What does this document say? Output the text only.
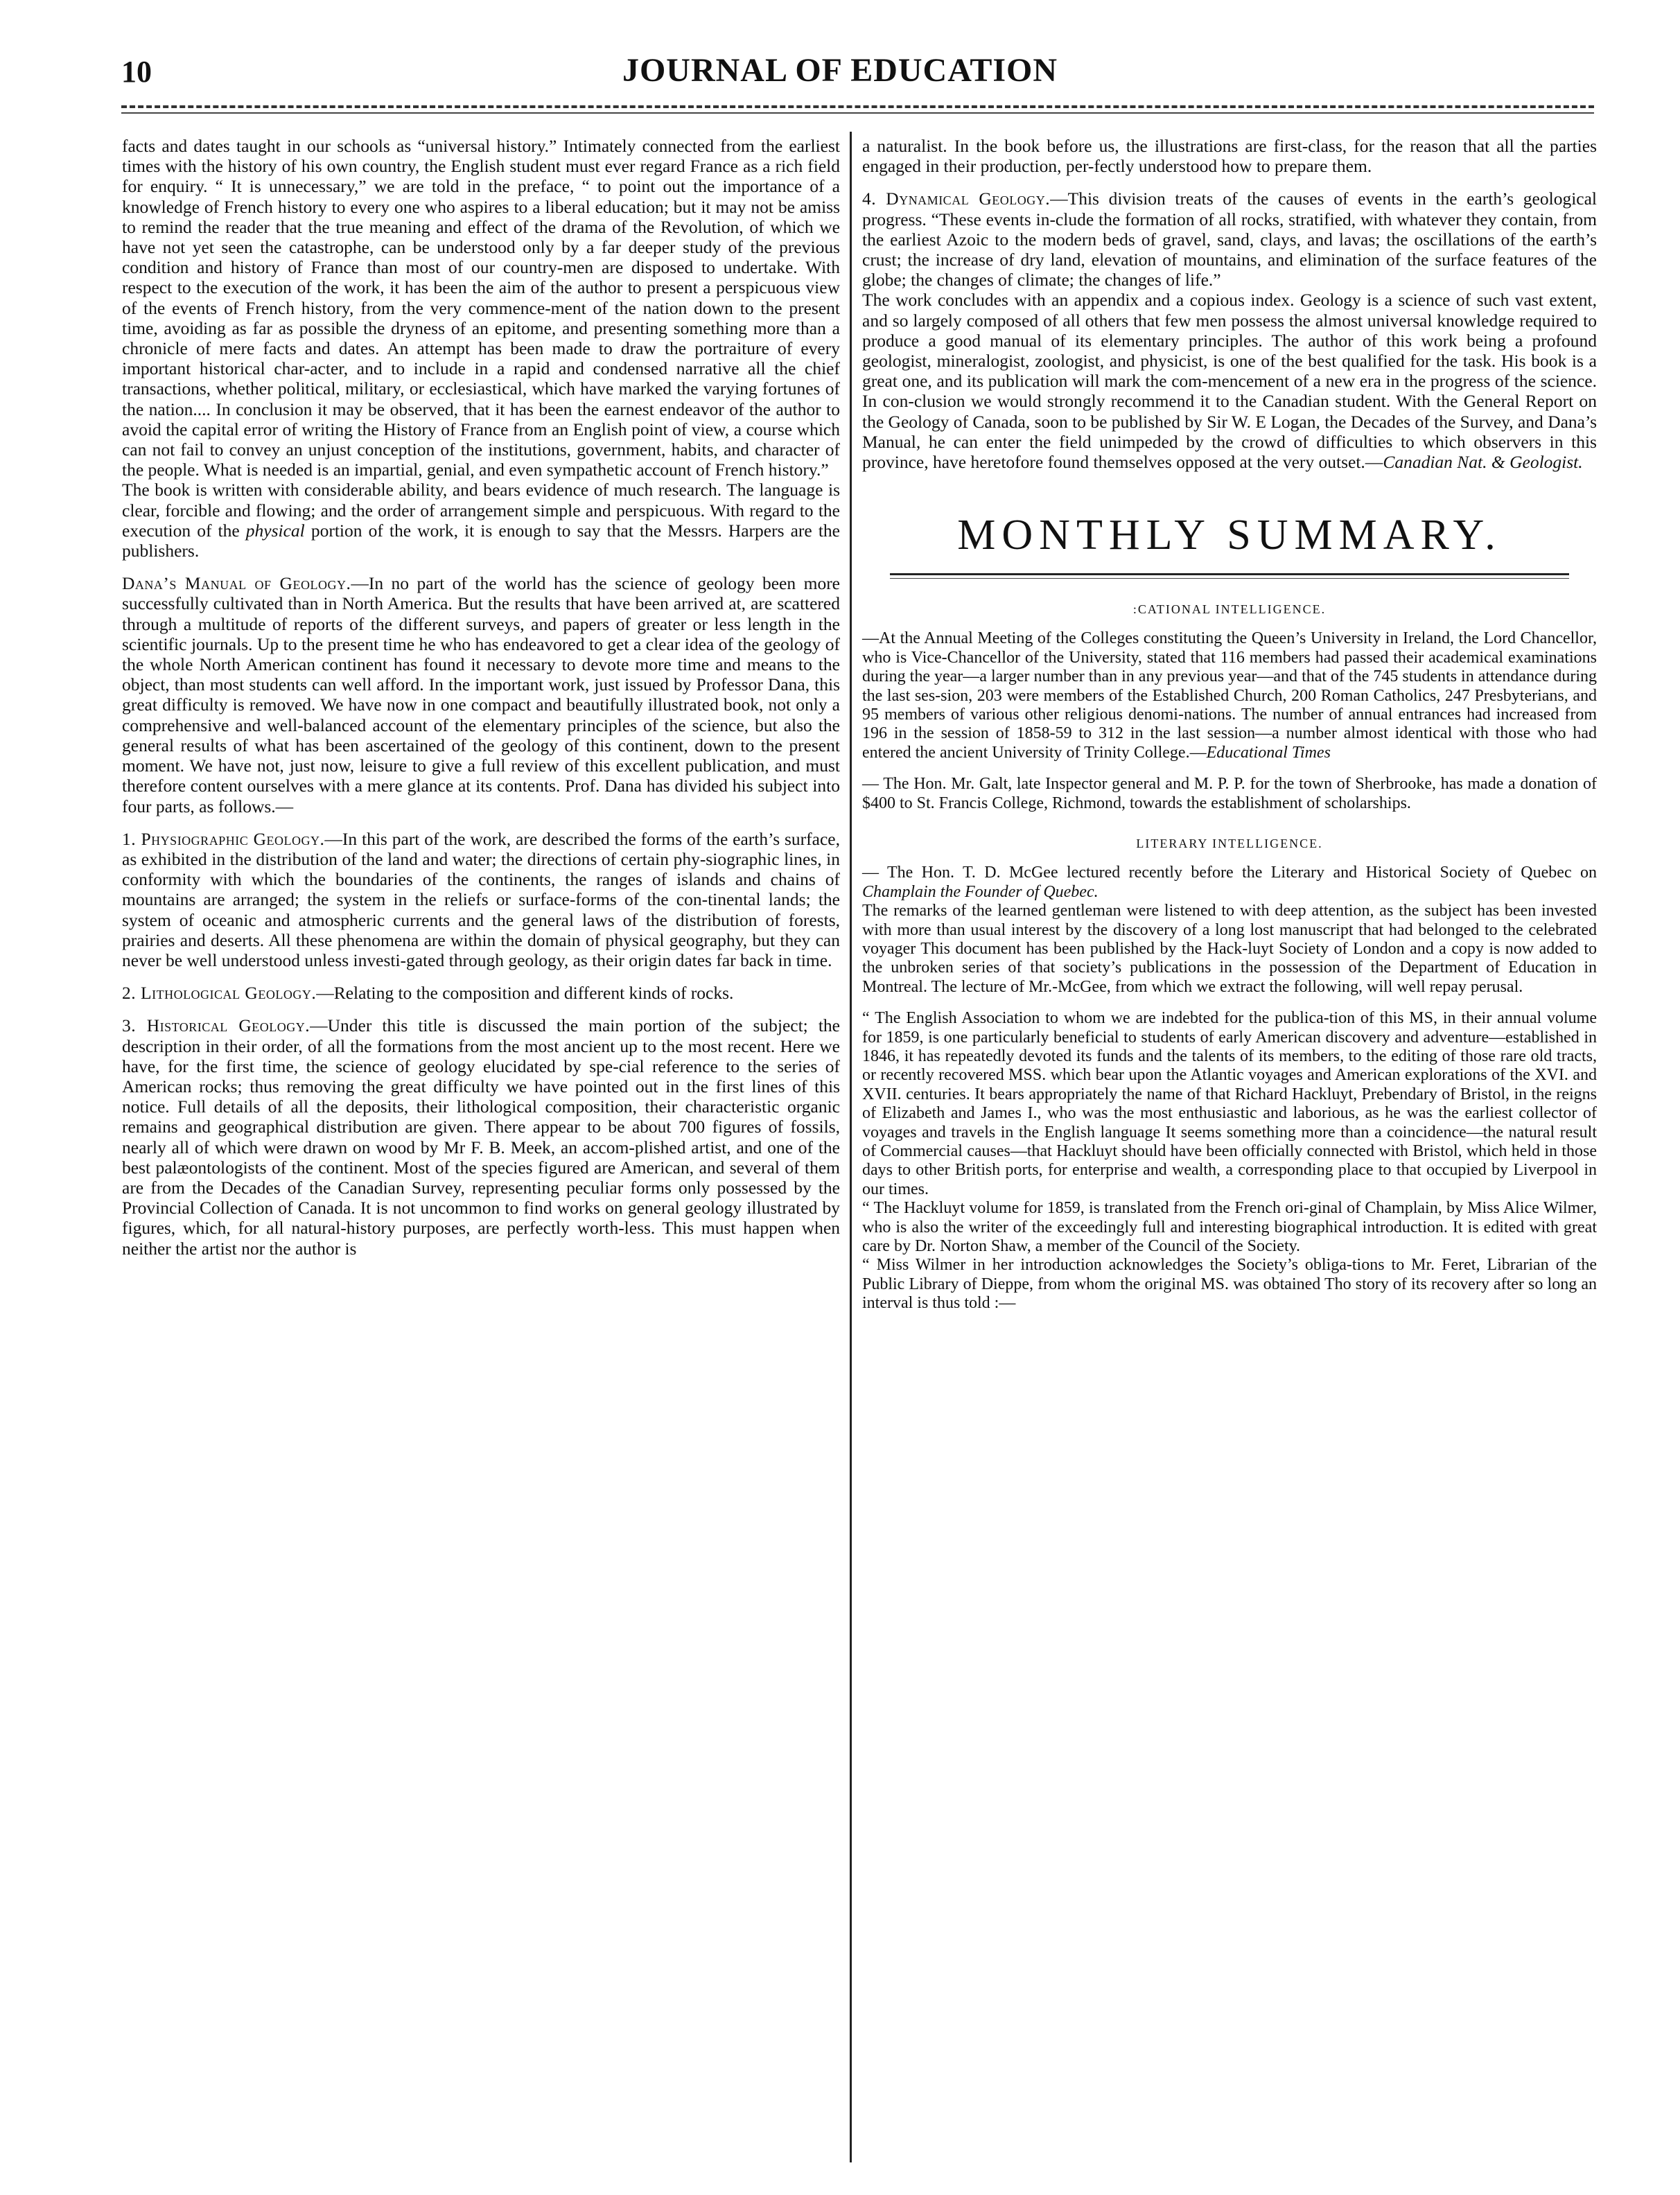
10	JOURNAL OF EDUCATION

facts and dates taught in our schools as “universal history.” Intimately connected from the earliest times with the history of his own country, the English student must ever regard France as a rich field for enquiry. “ It is unnecessary,” we are told in the preface, “ to point out the importance of a knowledge of French history to every one who aspires to a liberal education; but it may not be amiss to remind the reader that the true meaning and effect of the drama of the Revolution, of which we have not yet seen the catastrophe, can be understood only by a far deeper study of the previous condition and history of France than most of our country-men are disposed to undertake. With respect to the execution of the work, it has been the aim of the author to present a perspicuous view of the events of French history, from the very commence-ment of the nation down to the present time, avoiding as far as possible the dryness of an epitome, and presenting something more than a chronicle of mere facts and dates. An attempt has been made to draw the portraiture of every important historical char-acter, and to include in a rapid and condensed narrative all the chief transactions, whether political, military, or ecclesiastical, which have marked the varying fortunes of the nation.... In conclusion it may be observed, that it has been the earnest endeavor of the author to avoid the capital error of writing the History of France from an English point of view, a course which can not fail to convey an unjust conception of the institutions, government, habits, and character of the people. What is needed is an impartial, genial, and even sympathetic account of French history.”

The book is written with considerable ability, and bears evidence of much research. The language is clear, forcible and flowing; and the order of arrangement simple and perspicuous. With regard to the execution of the physical portion of the work, it is enough to say that the Messrs. Harpers are the publishers.

Dana’s Manual of Geology.—In no part of the world has the science of geology been more successfully cultivated than in North America. But the results that have been arrived at, are scattered through a multitude of reports of the different surveys, and papers of greater or less length in the scientific journals. Up to the present time he who has endeavored to get a clear idea of the geology of the whole North American continent has found it necessary to devote more time and means to the object, than most students can well afford. In the important work, just issued by Professor Dana, this great difficulty is removed. We have now in one compact and beautifully illustrated book, not only a comprehensive and well-balanced account of the elementary principles of the science, but also the general results of what has been ascertained of the geology of this continent, down to the present moment. We have not, just now, leisure to give a full review of this excellent publication, and must therefore content ourselves with a mere glance at its contents. Prof. Dana has divided his subject into four parts, as follows.—

1. Physiographic Geology.—In this part of the work, are described the forms of the earth’s surface, as exhibited in the distribution of the land and water; the directions of certain phy-siographic lines, in conformity with which the boundaries of the continents, the ranges of islands and chains of mountains are arranged; the system in the reliefs or surface-forms of the con-tinental lands; the system of oceanic and atmospheric currents and the general laws of the distribution of forests, prairies and deserts. All these phenomena are within the domain of physical geography, but they can never be well understood unless investi-gated through geology, as their origin dates far back in time.

2. Lithological Geology.—Relating to the composition and different kinds of rocks.

3. Historical Geology.—Under this title is discussed the main portion of the subject; the description in their order, of all the formations from the most ancient up to the most recent. Here we have, for the first time, the science of geology elucidated by spe-cial reference to the series of American rocks; thus removing the great difficulty we have pointed out in the first lines of this notice. Full details of all the deposits, their lithological composition, their characteristic organic remains and geographical distribution are given. There appear to be about 700 figures of fossils, nearly all of which were drawn on wood by Mr F. B. Meek, an accom-plished artist, and one of the best palæontologists of the continent. Most of the species figured are American, and several of them are from the Decades of the Canadian Survey, representing peculiar forms only possessed by the Provincial Collection of Canada. It is not uncommon to find works on general geology illustrated by figures, which, for all natural-history purposes, are perfectly worth-less. This must happen when neither the artist nor the author is

a naturalist. In the book before us, the illustrations are first-class, for the reason that all the parties engaged in their production, per-fectly understood how to prepare them.

4. Dynamical Geology.—This division treats of the causes of events in the earth’s geological progress. “These events in-clude the formation of all rocks, stratified, with whatever they contain, from the earliest Azoic to the modern beds of gravel, sand, clays, and lavas; the oscillations of the earth’s crust; the increase of dry land, elevation of mountains, and elimination of the surface features of the globe; the changes of climate; the changes of life.”

The work concludes with an appendix and a copious index. Geology is a science of such vast extent, and so largely composed of all others that few men possess the almost universal knowledge required to produce a good manual of its elementary principles. The author of this work being a profound geologist, mineralogist, zoologist, and physicist, is one of the best qualified for the task. His book is a great one, and its publication will mark the com-mencement of a new era in the progress of the science. In con-clusion we would strongly recommend it to the Canadian student. With the General Report on the Geology of Canada, soon to be published by Sir W. E Logan, the Decades of the Survey, and Dana’s Manual, he can enter the field unimpeded by the crowd of difficulties to which observers in this province, have heretofore found themselves opposed at the very outset.—Canadian Nat. & Geologist.

MONTHLY SUMMARY.
:CATIONAL INTELLIGENCE.

—At the Annual Meeting of the Colleges constituting the Queen’s University in Ireland, the Lord Chancellor, who is Vice-Chancellor of the University, stated that 116 members had passed their academical examinations during the year—a larger number than in any previous year—and that of the 745 students in attendance during the last ses-sion, 203 were members of the Established Church, 200 Roman Catholics, 247 Presbyterians, and 95 members of various other religious denomi-nations. The number of annual entrances had increased from 196 in the session of 1858-59 to 312 in the last session—a number almost identical with those who had entered the ancient University of Trinity College.—Educational Times

— The Hon. Mr. Galt, late Inspector general and M. P. P. for the town of Sherbrooke, has made a donation of $400 to St. Francis College, Richmond, towards the establishment of scholarships.

LITERARY INTELLIGENCE.

— The Hon. T. D. McGee lectured recently before the Literary and Historical Society of Quebec on Champlain the Founder of Quebec.

The remarks of the learned gentleman were listened to with deep attention, as the subject has been invested with more than usual interest by the discovery of a long lost manuscript that had belonged to the celebrated voyager This document has been published by the Hack-luyt Society of London and a copy is now added to the unbroken series of that society’s publications in the possession of the Department of Education in Montreal. The lecture of Mr.-McGee, from which we extract the following, will well repay perusal.

“ The English Association to whom we are indebted for the publica-tion of this MS, in their annual volume for 1859, is one particularly beneficial to students of early American discovery and adventure—established in 1846, it has repeatedly devoted its funds and the talents of its members, to the editing of those rare old tracts, or recently recovered MSS. which bear upon the Atlantic voyages and American explorations of the XVI. and XVII. centuries. It bears appropriately the name of that Richard Hackluyt, Prebendary of Bristol, in the reigns of Elizabeth and James I., who was the most enthusiastic and laborious, as he was the earliest collector of voyages and travels in the English language It seems something more than a coincidence—the natural result of Commercial causes—that Hackluyt should have been officially connected with Bristol, which held in those days to other British ports, for enterprise and wealth, a corresponding place to that occupied by Liverpool in our times.

“ The Hackluyt volume for 1859, is translated from the French ori-ginal of Champlain, by Miss Alice Wilmer, who is also the writer of the exceedingly full and interesting biographical introduction. It is edited with great care by Dr. Norton Shaw, a member of the Council of the Society.

“ Miss Wilmer in her introduction acknowledges the Society’s obliga-tions to Mr. Feret, Librarian of the Public Library of Dieppe, from whom the original MS. was obtained Tho story of its recovery after so long an interval is thus told :—
